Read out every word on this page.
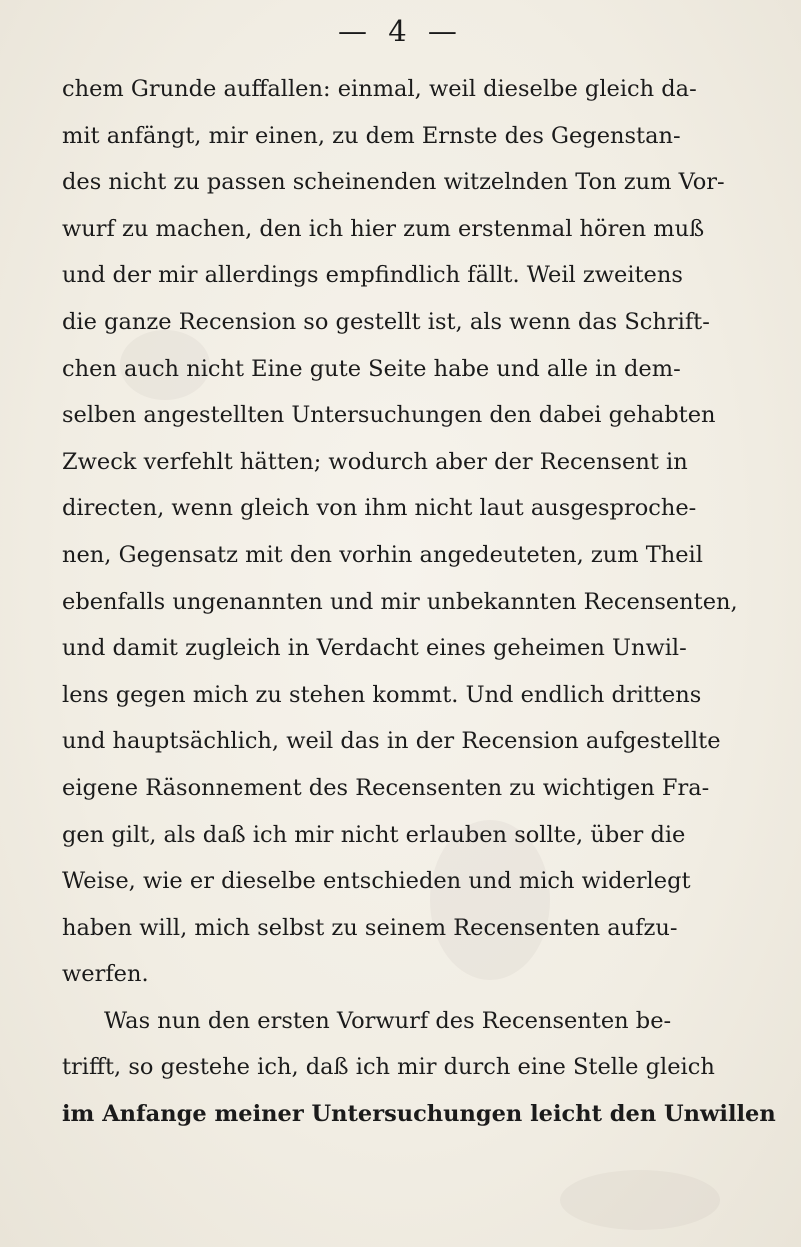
— 4 —
chem Grunde auffallen: einmal, weil dieselbe gleich da-
mit anfängt, mir einen, zu dem Ernste des Gegenstan-
des nicht zu passen scheinenden witzelnden Ton zum Vor-
wurf zu machen, den ich hier zum erstenmal hören muß
und der mir allerdings empfindlich fällt. Weil zweitens
die ganze Recension so gestellt ist, als wenn das Schrift-
chen auch nicht Eine gute Seite habe und alle in dem-
selben angestellten Untersuchungen den dabei gehabten
Zweck verfehlt hätten; wodurch aber der Recensent in
directen, wenn gleich von ihm nicht laut ausgesproche-
nen, Gegensatz mit den vorhin angedeuteten, zum Theil
ebenfalls ungenannten und mir unbekannten Recensenten,
und damit zugleich in Verdacht eines geheimen Unwil-
lens gegen mich zu stehen kommt. Und endlich drittens
und hauptsächlich, weil das in der Recension aufgestellte
eigene Räsonnement des Recensenten zu wichtigen Fra-
gen gilt, als daß ich mir nicht erlauben sollte, über die
Weise, wie er dieselbe entschieden und mich widerlegt
haben will, mich selbst zu seinem Recensenten aufzu-
werfen.
Was nun den ersten Vorwurf des Recensenten be-
trifft, so gestehe ich, daß ich mir durch eine Stelle gleich
im Anfange meiner Untersuchungen leicht den Unwillen
